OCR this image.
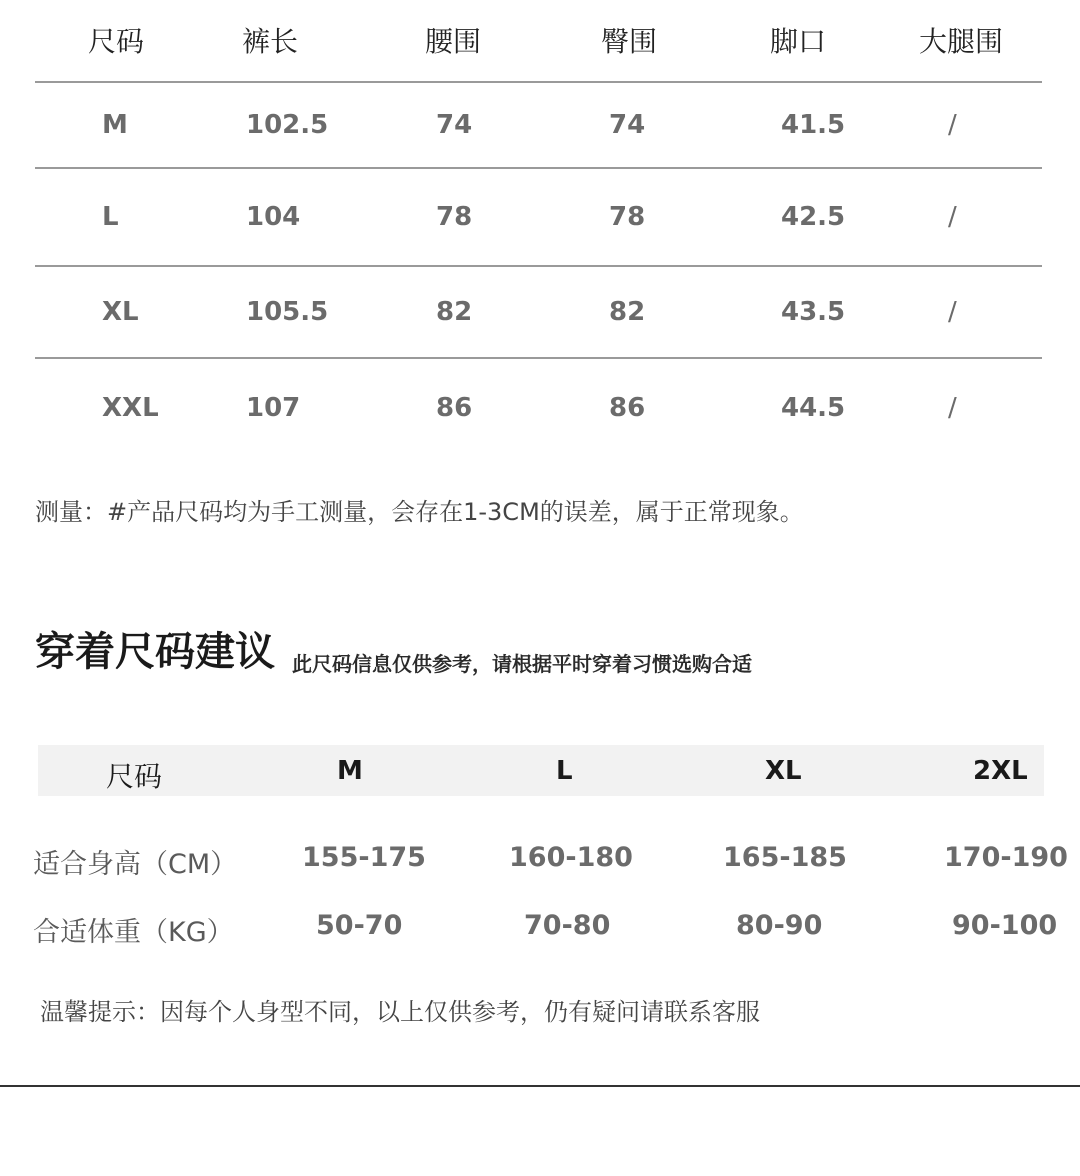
尺码	裤长	腰围	臀围	脚口	大腿围
M	102.5	74	74	41.5	/
L	104	78	78	42.5	/
XL	105.5	82	82	43.5	/
XXL	107	86	86	44.5	/
测量：#产品尺码均为手工测量，会存在1-3CM的误差，属于正常现象。
穿着尺码建议 此尺码信息仅供参考，请根据平时穿着习惯选购合适
尺码	M	L	XL	2XL
适合身高（CM） 155-175	160-180	165-185	170-190
合适体重（KG）	50-70	70-80	80-90	90-100
温馨提示：因每个人身型不同，以上仅供参考，仍有疑问请联系客服
